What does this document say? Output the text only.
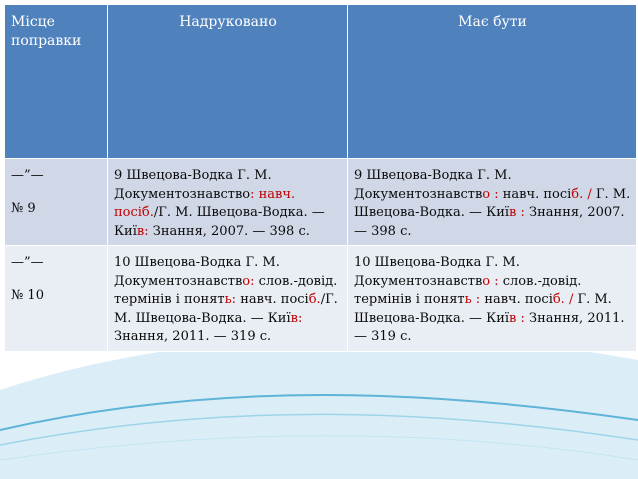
Місце поправки	Надруковано	Має бути

—”—
№ 9	9 Швецова-Водка Г. М. Документознавство: навч. посіб./Г. М. Швецова-Водка. — Київ: Знання, 2007. — 398 с.	9 Швецова-Водка Г. М. Документознавство : навч. посіб. / Г. М. Швецова-Водка. — Київ : Знання, 2007. — 398 с.

—”—
№ 10	10 Швецова-Водка Г. М. Документознавство: слов.-довід. термінів і понять: навч. посіб./Г. М. Швецова-Водка. — Київ: Знання, 2011. — 319 с.	10 Швецова-Водка Г. М. Документознавство : слов.-довід. термінів і понять : навч. посіб. / Г. М. Швецова-Водка. — Київ : Знання, 2011. — 319 с.
